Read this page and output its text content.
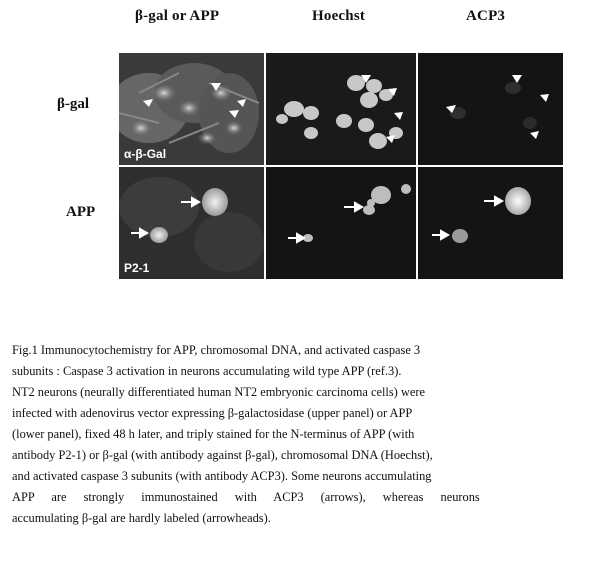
β-gal or APP	Hoechst	ACP3
β-gal
APP
α-β-Gal
P2-1
Fig.1 Immunocytochemistry for APP, chromosomal DNA, and activated caspase 3
subunits : Caspase 3 activation in neurons accumulating wild type APP (ref.3).
NT2 neurons (neurally differentiated human NT2 embryonic carcinoma cells) were
infected with adenovirus vector expressing β-galactosidase (upper panel) or APP
(lower panel), fixed 48 h later, and triply stained for the N-terminus of APP (with
antibody P2-1) or β-gal (with antibody against β-gal), chromosomal DNA (Hoechst),
and activated caspase 3 subunits (with antibody ACP3). Some neurons accumulating
APP are strongly immunostained with ACP3 (arrows), whereas neurons
accumulating β-gal are hardly labeled (arrowheads).
